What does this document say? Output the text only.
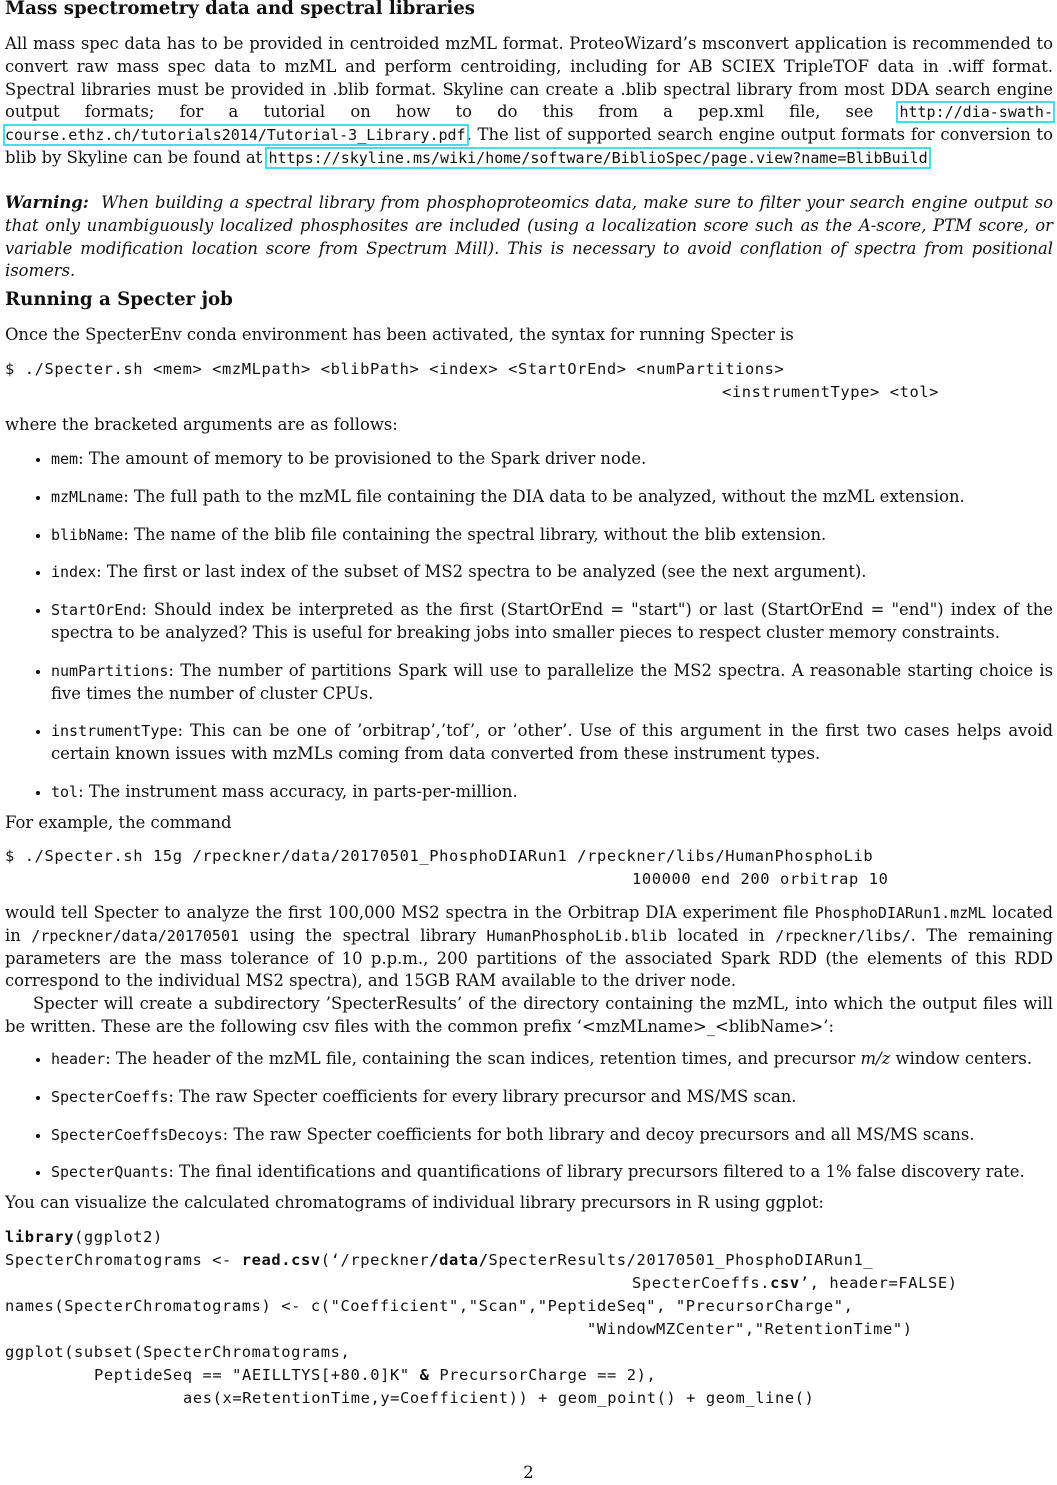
Mass spectrometry data and spectral libraries

All mass spec data has to be provided in centroided mzML format. ProteoWizard’s msconvert application is recommended to convert raw mass spec data to mzML and perform centroiding, including for AB SCIEX TripleTOF data in .wiff format. Spectral libraries must be provided in .blib format. Skyline can create a .blib spectral library from most DDA search engine output formats; for a tutorial on how to do this from a pep.xml file, see http://dia-swath-course.ethz.ch/tutorials2014/Tutorial-3_Library.pdf. The list of supported search engine output formats for conversion to blib by Skyline can be found at https://skyline.ms/wiki/home/software/BiblioSpec/page.view?name=BlibBuild

Warning: When building a spectral library from phosphoproteomics data, make sure to filter your search engine output so that only unambiguously localized phosphosites are included (using a localization score such as the A-score, PTM score, or variable modification location score from Spectrum Mill). This is necessary to avoid conflation of spectra from positional isomers.

Running a Specter job

Once the SpecterEnv conda environment has been activated, the syntax for running Specter is

$ ./Specter.sh <mem> <mzMLpath> <blibPath> <index> <StartOrEnd> <numPartitions>
<instrumentType> <tol>

where the bracketed arguments are as follows:

• mem: The amount of memory to be provisioned to the Spark driver node.
• mzMLname: The full path to the mzML file containing the DIA data to be analyzed, without the mzML extension.
• blibName: The name of the blib file containing the spectral library, without the blib extension.
• index: The first or last index of the subset of MS2 spectra to be analyzed (see the next argument).
• StartOrEnd: Should index be interpreted as the first (StartOrEnd = "start") or last (StartOrEnd = "end") index of the spectra to be analyzed? This is useful for breaking jobs into smaller pieces to respect cluster memory constraints.
• numPartitions: The number of partitions Spark will use to parallelize the MS2 spectra. A reasonable starting choice is five times the number of cluster CPUs.
• instrumentType: This can be one of ’orbitrap’,’tof’, or ’other’. Use of this argument in the first two cases helps avoid certain known issues with mzMLs coming from data converted from these instrument types.
• tol: The instrument mass accuracy, in parts-per-million.

For example, the command

$ ./Specter.sh 15g /rpeckner/data/20170501_PhosphoDIARun1 /rpeckner/libs/HumanPhosphoLib
100000 end 200 orbitrap 10

would tell Specter to analyze the first 100,000 MS2 spectra in the Orbitrap DIA experiment file PhosphoDIARun1.mzML located in /rpeckner/data/20170501 using the spectral library HumanPhosphoLib.blib located in /rpeckner/libs/. The remaining parameters are the mass tolerance of 10 p.p.m., 200 partitions of the associated Spark RDD (the elements of this RDD correspond to the individual MS2 spectra), and 15GB RAM available to the driver node.

Specter will create a subdirectory ’SpecterResults’ of the directory containing the mzML, into which the output files will be written. These are the following csv files with the common prefix ‘<mzMLname>_<blibName>’:

• header: The header of the mzML file, containing the scan indices, retention times, and precursor m/z window centers.
• SpecterCoeffs: The raw Specter coefficients for every library precursor and MS/MS scan.
• SpecterCoeffsDecoys: The raw Specter coefficients for both library and decoy precursors and all MS/MS scans.
• SpecterQuants: The final identifications and quantifications of library precursors filtered to a 1% false discovery rate.

You can visualize the calculated chromatograms of individual library precursors in R using ggplot:

library(ggplot2)
SpecterChromatograms <- read.csv(‘/rpeckner/data/SpecterResults/20170501_PhosphoDIARun1_
SpecterCoeffs.csv’, header=FALSE)
names(SpecterChromatograms) <- c("Coefficient","Scan","PeptideSeq", "PrecursorCharge",
"WindowMZCenter","RetentionTime")
ggplot(subset(SpecterChromatograms,
PeptideSeq == "AEILLTYS[+80.0]K" & PrecursorCharge == 2),
aes(x=RetentionTime,y=Coefficient)) + geom_point() + geom_line()
2
